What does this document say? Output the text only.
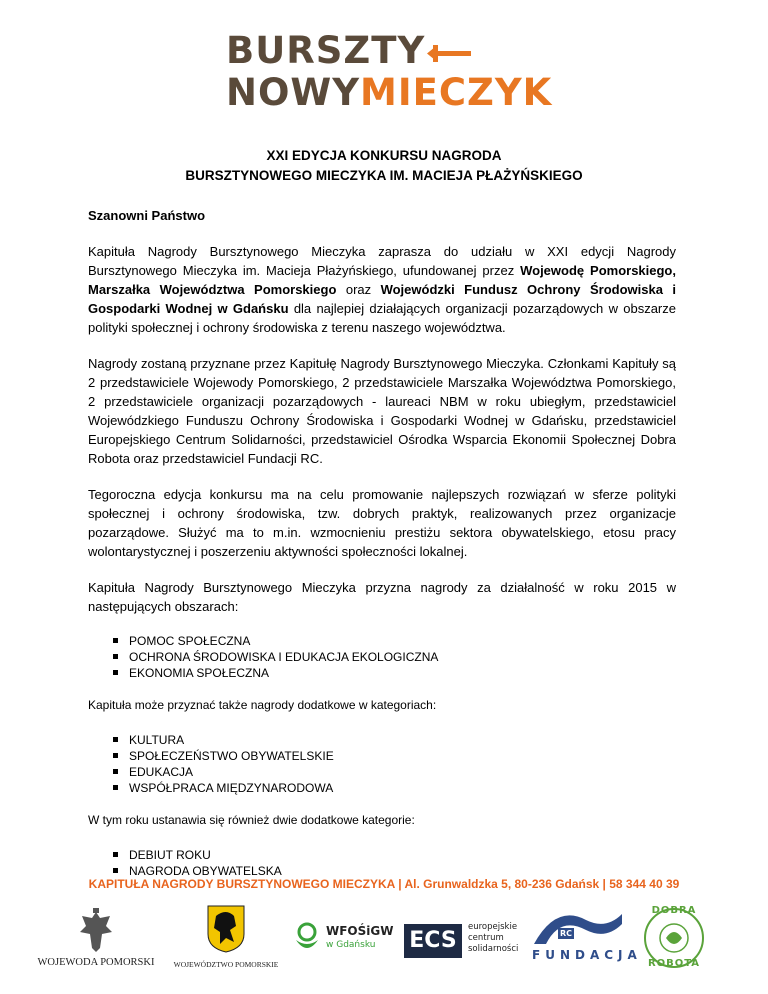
BURSZTY
NOWYMIECZYK
XXI EDYCJA KONKURSU NAGRODA
BURSZTYNOWEGO MIECZYKA IM. MACIEJA PŁAŻYŃSKIEGO

Szanowni Państwo

Kapituła Nagrody Bursztynowego Mieczyka zaprasza do udziału w XXI edycji Nagrody Bursztynowego Mieczyka im. Macieja Płażyńskiego, ufundowanej przez Wojewodę Pomorskiego, Marszałka Województwa Pomorskiego oraz Wojewódzki Fundusz Ochrony Środowiska i Gospodarki Wodnej w Gdańsku dla najlepiej działających organizacji pozarządowych w obszarze polityki społecznej i ochrony środowiska z terenu naszego województwa.

Nagrody zostaną przyznane przez Kapitułę Nagrody Bursztynowego Mieczyka. Członkami Kapituły są 2 przedstawiciele Wojewody Pomorskiego, 2 przedstawiciele Marszałka Województwa Pomorskiego, 2 przedstawiciele organizacji pozarządowych - laureaci NBM w roku ubiegłym, przedstawiciel Wojewódzkiego Funduszu Ochrony Środowiska i Gospodarki Wodnej w Gdańsku, przedstawiciel Europejskiego Centrum Solidarności, przedstawiciel Ośrodka Wsparcia Ekonomii Społecznej Dobra Robota oraz przedstawiciel Fundacji RC.

Tegoroczna edycja konkursu ma na celu promowanie najlepszych rozwiązań w sferze polityki społecznej i ochrony środowiska, tzw. dobrych praktyk, realizowanych przez organizacje pozarządowe. Służyć ma to m.in. wzmocnieniu prestiżu sektora obywatelskiego, etosu pracy wolontarystycznej i poszerzeniu aktywności społeczności lokalnej.

Kapituła Nagrody Bursztynowego Mieczyka przyzna nagrody za działalność w roku 2015 w następujących obszarach:

POMOC SPOŁECZNA
OCHRONA ŚRODOWISKA I EDUKACJA EKOLOGICZNA
EKONOMIA SPOŁECZNA

Kapituła może przyznać także nagrody dodatkowe w kategoriach:

KULTURA
SPOŁECZEŃSTWO OBYWATELSKIE
EDUKACJA
WSPÓŁPRACA MIĘDZYNARODOWA

W tym roku ustanawia się również dwie dodatkowe kategorie:

DEBIUT ROKU
NAGRODA OBYWATELSKA
KAPITUŁA NAGRODY BURSZTYNOWEGO MIECZYKA | Al. Grunwaldzka 5, 80-236 Gdańsk | 58 344 40 39
WOJEWODA POMORSKI	WOJEWÓDZTWO POMORSKIE
WFOŚiGW
w Gdańsku ECS
europejskie
centrum
solidarności
RC
FUNDACJA
DOBRA
ROBOTA
